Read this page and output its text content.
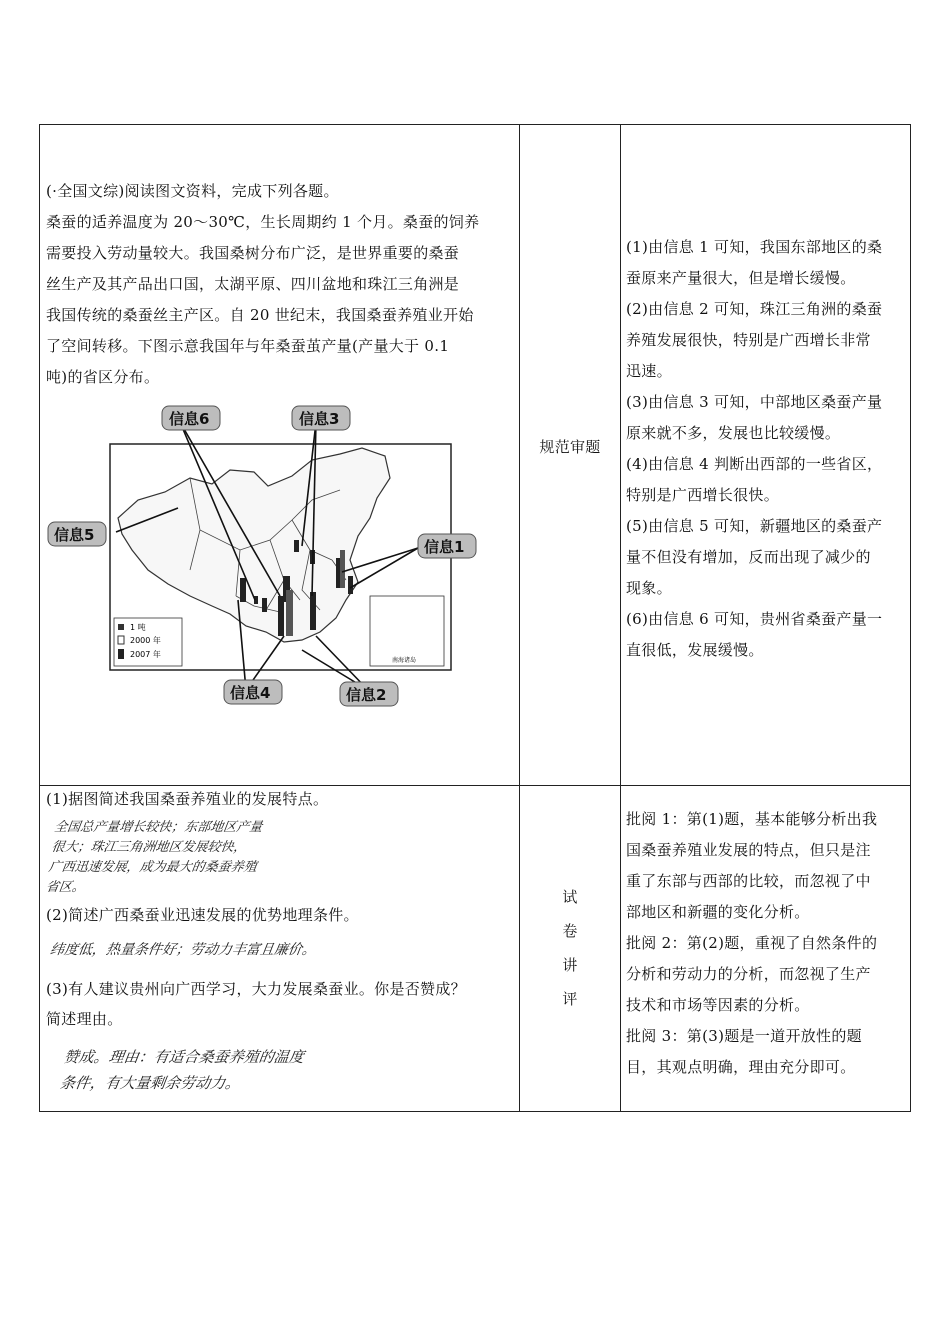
(·全国文综)阅读图文资料，完成下列各题。

桑蚕的适养温度为 20～30℃，生长周期约 1 个月。桑蚕的饲养

需要投入劳动量较大。我国桑树分布广泛，是世界重要的桑蚕

丝生产及其产品出口国，太湖平原、四川盆地和珠江三角洲是

我国传统的桑蚕丝主产区。自 20 世纪末，我国桑蚕养殖业开始

了空间转移。下图示意我国年与年桑蚕茧产量(产量大于 0.1

吨)的省区分布。

1 吨
2000 年
2007 年
南海诸岛
信息6	信息3
信息5
信息1
信息4	信息2
规范审题
试
卷
讲
评

(1)由信息 1 可知，我国东部地区的桑

蚕原来产量很大，但是增长缓慢。

(2)由信息 2 可知，珠江三角洲的桑蚕

养殖发展很快，特别是广西增长非常

迅速。

(3)由信息 3 可知，中部地区桑蚕产量

原来就不多，发展也比较缓慢。

(4)由信息 4 判断出西部的一些省区，

特别是广西增长很快。

(5)由信息 5 可知，新疆地区的桑蚕产

量不但没有增加，反而出现了减少的

现象。

(6)由信息 6 可知，贵州省桑蚕产量一

直很低，发展缓慢。

(1)据图简述我国桑蚕养殖业的发展特点。
全国总产量增长较快；东部地区产量
很大；珠江三角洲地区发展较快，
广西迅速发展，成为最大的桑蚕养殖
省区。
(2)简述广西桑蚕业迅速发展的优势地理条件。
纬度低，热量条件好；劳动力丰富且廉价。

(3)有人建议贵州向广西学习，大力发展桑蚕业。你是否赞成？

简述理由。

赞成。理由：有适合桑蚕养殖的温度
条件，有大量剩余劳动力。

批阅 1：第(1)题，基本能够分析出我

国桑蚕养殖业发展的特点，但只是注

重了东部与西部的比较，而忽视了中

部地区和新疆的变化分析。

批阅 2：第(2)题，重视了自然条件的

分析和劳动力的分析，而忽视了生产

技术和市场等因素的分析。

批阅 3：第(3)题是一道开放性的题

目，其观点明确，理由充分即可。
